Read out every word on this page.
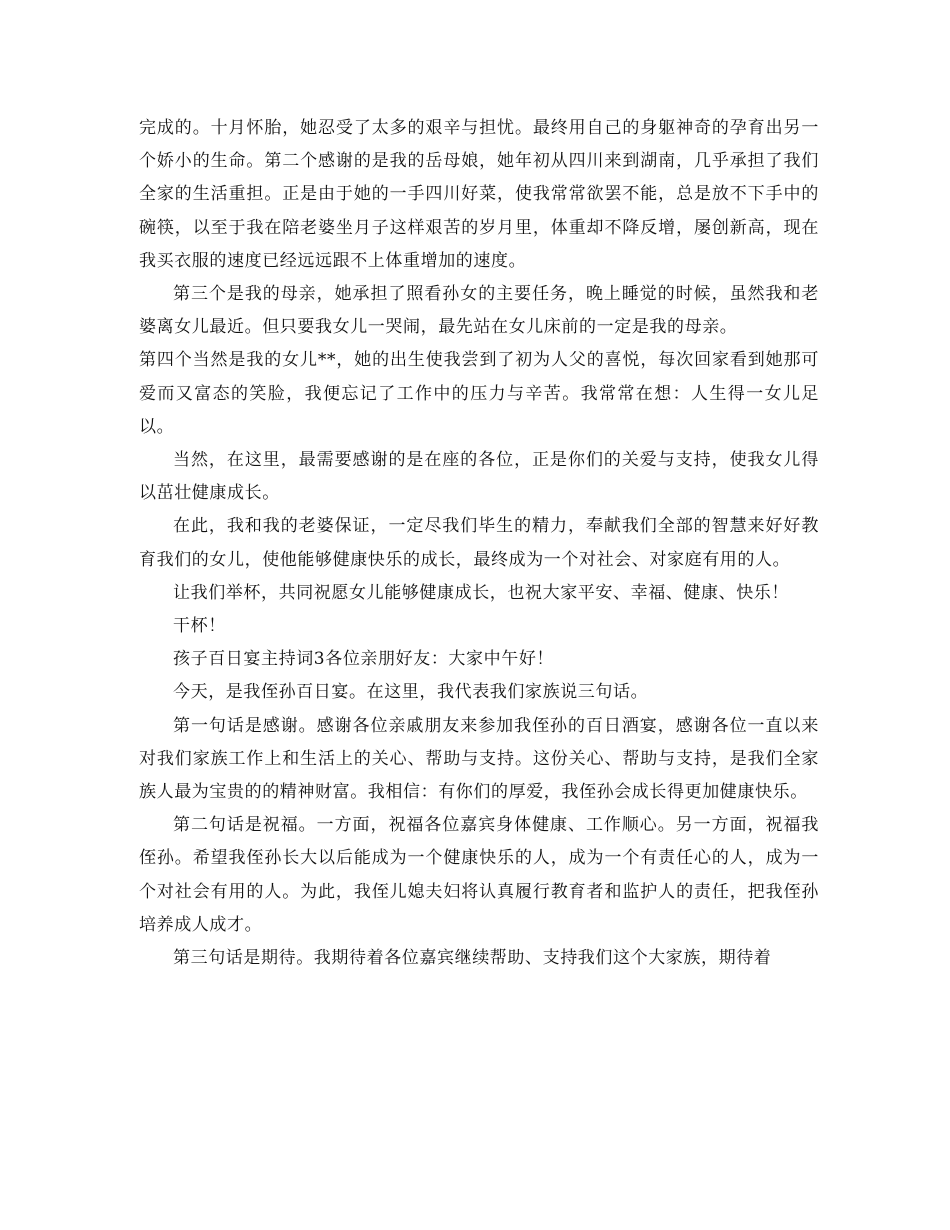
完成的。十月怀胎，她忍受了太多的艰辛与担忧。最终用自己的身躯神奇的孕育出另一个娇小的生命。第二个感谢的是我的岳母娘，她年初从四川来到湖南，几乎承担了我们全家的生活重担。正是由于她的一手四川好菜，使我常常欲罢不能，总是放不下手中的碗筷，以至于我在陪老婆坐月子这样艰苦的岁月里，体重却不降反增，屡创新高，现在我买衣服的速度已经远远跟不上体重增加的速度。

第三个是我的母亲，她承担了照看孙女的主要任务，晚上睡觉的时候，虽然我和老婆离女儿最近。但只要我女儿一哭闹，最先站在女儿床前的一定是我的母亲。

第四个当然是我的女儿**，她的出生使我尝到了初为人父的喜悦，每次回家看到她那可爱而又富态的笑脸，我便忘记了工作中的压力与辛苦。我常常在想：人生得一女儿足以。

当然，在这里，最需要感谢的是在座的各位，正是你们的关爱与支持，使我女儿得以茁壮健康成长。

在此，我和我的老婆保证，一定尽我们毕生的精力，奉献我们全部的智慧来好好教育我们的女儿，使他能够健康快乐的成长，最终成为一个对社会、对家庭有用的人。

让我们举杯，共同祝愿女儿能够健康成长，也祝大家平安、幸福、健康、快乐！

干杯！

孩子百日宴主持词3各位亲朋好友：大家中午好！

今天，是我侄孙百日宴。在这里，我代表我们家族说三句话。

第一句话是感谢。感谢各位亲戚朋友来参加我侄孙的百日酒宴，感谢各位一直以来对我们家族工作上和生活上的关心、帮助与支持。这份关心、帮助与支持，是我们全家族人最为宝贵的的精神财富。我相信：有你们的厚爱，我侄孙会成长得更加健康快乐。

第二句话是祝福。一方面，祝福各位嘉宾身体健康、工作顺心。另一方面，祝福我侄孙。希望我侄孙长大以后能成为一个健康快乐的人，成为一个有责任心的人，成为一个对社会有用的人。为此，我侄儿媳夫妇将认真履行教育者和监护人的责任，把我侄孙培养成人成才。

第三句话是期待。我期待着各位嘉宾继续帮助、支持我们这个大家族，期待着
